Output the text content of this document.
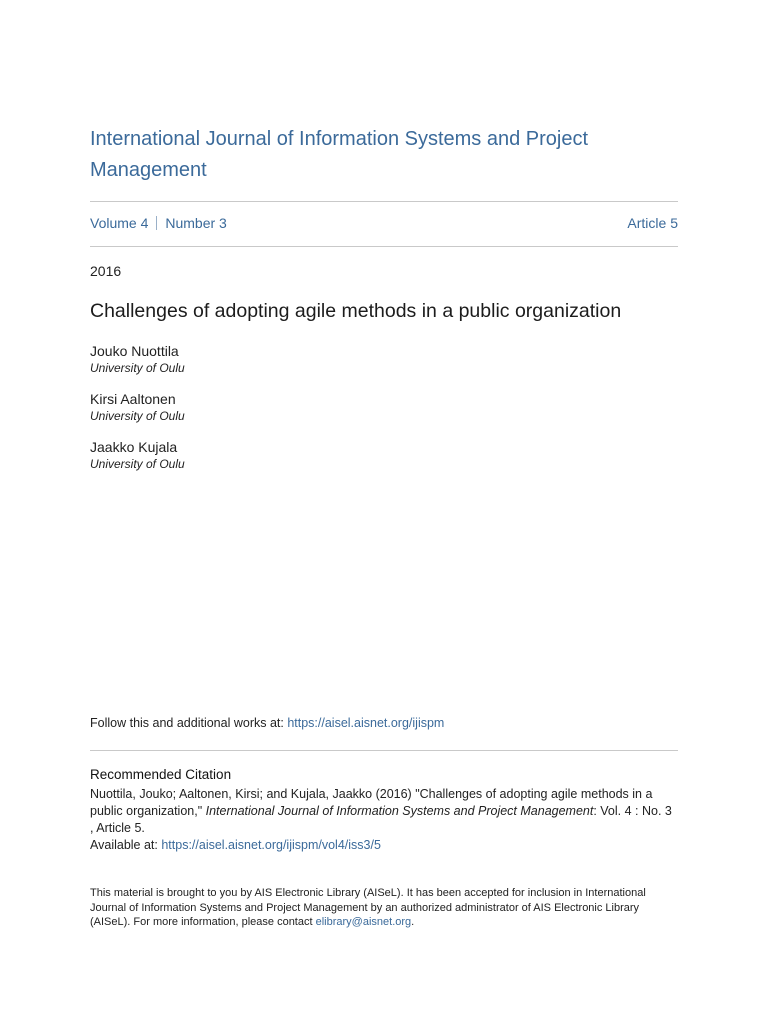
International Journal of Information Systems and Project
Management
Volume 4 Number 3	Article 5
2016
Challenges of adopting agile methods in a public organization
Jouko Nuottila
University of Oulu
Kirsi Aaltonen
University of Oulu
Jaakko Kujala
University of Oulu
Follow this and additional works at: https://aisel.aisnet.org/ijispm
Recommended Citation
Nuottila, Jouko; Aaltonen, Kirsi; and Kujala, Jaakko (2016) "Challenges of adopting agile methods in a
public organization," International Journal of Information Systems and Project Management: Vol. 4 : No. 3
, Article 5.
Available at: https://aisel.aisnet.org/ijispm/vol4/iss3/5
This material is brought to you by AIS Electronic Library (AISeL). It has been accepted for inclusion in International
Journal of Information Systems and Project Management by an authorized administrator of AIS Electronic Library
(AISeL). For more information, please contact elibrary@aisnet.org.
